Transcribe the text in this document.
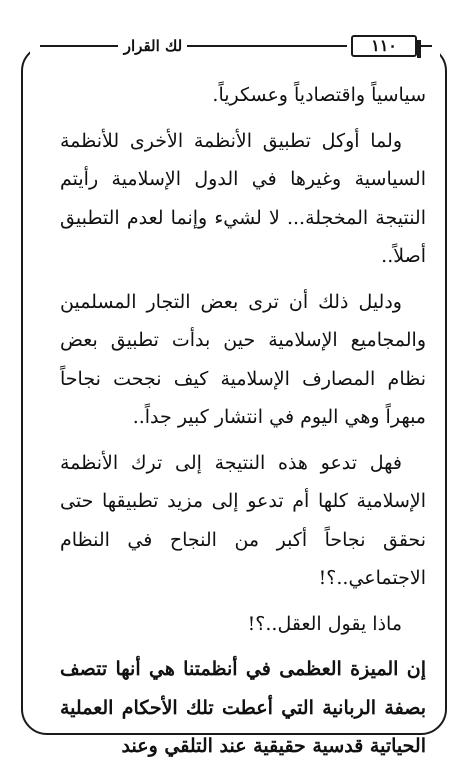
لك القرار	١١٠

سياسياً واقتصادياً وعسكرياً.

ولما أوكل تطبيق الأنظمة الأخرى للأنظمة السياسية وغيرها في الدول الإسلامية رأيتم النتيجة المخجلة... لا لشيء وإنما لعدم التطبيق أصلاً..

ودليل ذلك أن ترى بعض التجار المسلمين والمجاميع الإسلامية حين بدأت تطبيق بعض نظام المصارف الإسلامية كيف نجحت نجاحاً مبهراً وهي اليوم في انتشار كبير جداً..

فهل تدعو هذه النتيجة إلى ترك الأنظمة الإسلامية كلها أم تدعو إلى مزيد تطبيقها حتى نحقق نجاحاً أكبر من النجاح في النظام الاجتماعي..؟!

ماذا يقول العقل..؟!

إن الميزة العظمى في أنظمتنا هي أنها تتصف بصفة الربانية التي أعطت تلك الأحكام العملية الحياتية قدسية حقيقية عند التلقي وعند
